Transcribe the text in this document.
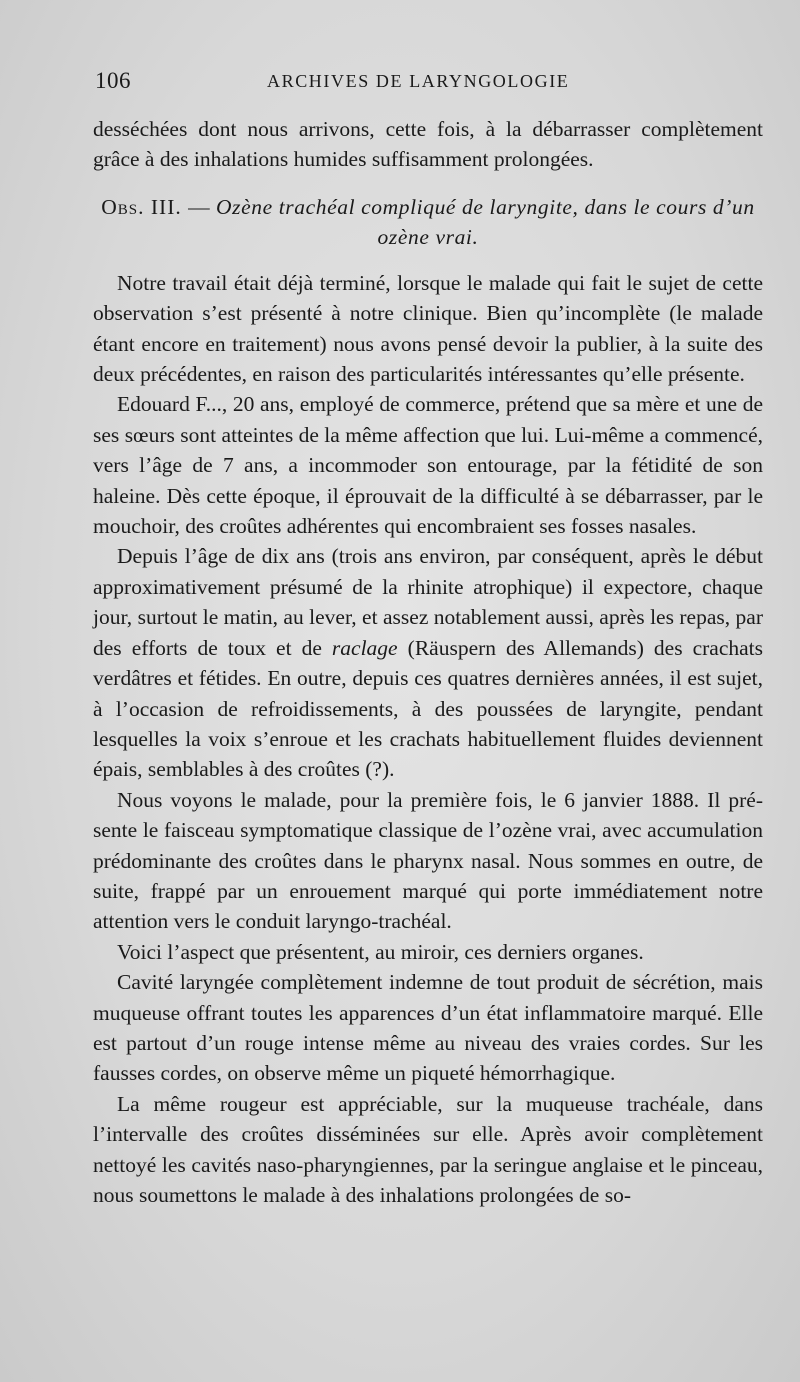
106	ARCHIVES DE LARYNGOLOGIE

desséchées dont nous arrivons, cette fois, à la débarrasser complètement grâce à des inhalations humides suffisamment prolongées.

Obs. III. — Ozène trachéal compliqué de laryngite, dans le cours d’un ozène vrai.

Notre travail était déjà terminé, lorsque le malade qui fait le sujet de cette observation s’est présenté à notre clinique. Bien qu’incomplète (le malade étant encore en traitement) nous avons pensé devoir la publier, à la suite des deux précédentes, en raison des particularités intéressantes qu’elle présente.

Edouard F..., 20 ans, employé de commerce, prétend que sa mère et une de ses sœurs sont atteintes de la même affection que lui. Lui-même a commencé, vers l’âge de 7 ans, a incommoder son entourage, par la fétidité de son haleine. Dès cette époque, il éprouvait de la difficulté à se débarrasser, par le mouchoir, des croûtes adhérentes qui encombraient ses fosses nasales.

Depuis l’âge de dix ans (trois ans environ, par conséquent, après le début approximativement présumé de la rhinite atrophique) il expectore, chaque jour, surtout le matin, au lever, et assez notablement aussi, après les repas, par des efforts de toux et de raclage (Räuspern des Allemands) des crachats verdâtres et fétides. En outre, depuis ces quatres dernières années, il est sujet, à l’occasion de refroidissements, à des poussées de laryngite, pendant lesquelles la voix s’enroue et les crachats habituellement fluides deviennent épais, semblables à des croûtes (?).

Nous voyons le malade, pour la première fois, le 6 janvier 1888. Il présente le faisceau symptomatique classique de l’ozène vrai, avec accumulation prédominante des croûtes dans le pharynx nasal. Nous sommes en outre, de suite, frappé par un enrouement marqué qui porte immédiatement notre attention vers le conduit laryngo-trachéal.

Voici l’aspect que présentent, au miroir, ces derniers organes.

Cavité laryngée complètement indemne de tout produit de sécrétion, mais muqueuse offrant toutes les apparences d’un état inflammatoire marqué. Elle est partout d’un rouge intense même au niveau des vraies cordes. Sur les fausses cordes, on observe même un piqueté hémorrhagique.

La même rougeur est appréciable, sur la muqueuse trachéale, dans l’intervalle des croûtes disséminées sur elle. Après avoir complètement nettoyé les cavités naso-pharyngiennes, par la seringue anglaise et le pinceau, nous soumettons le malade à des inhalations prolongées de so-
